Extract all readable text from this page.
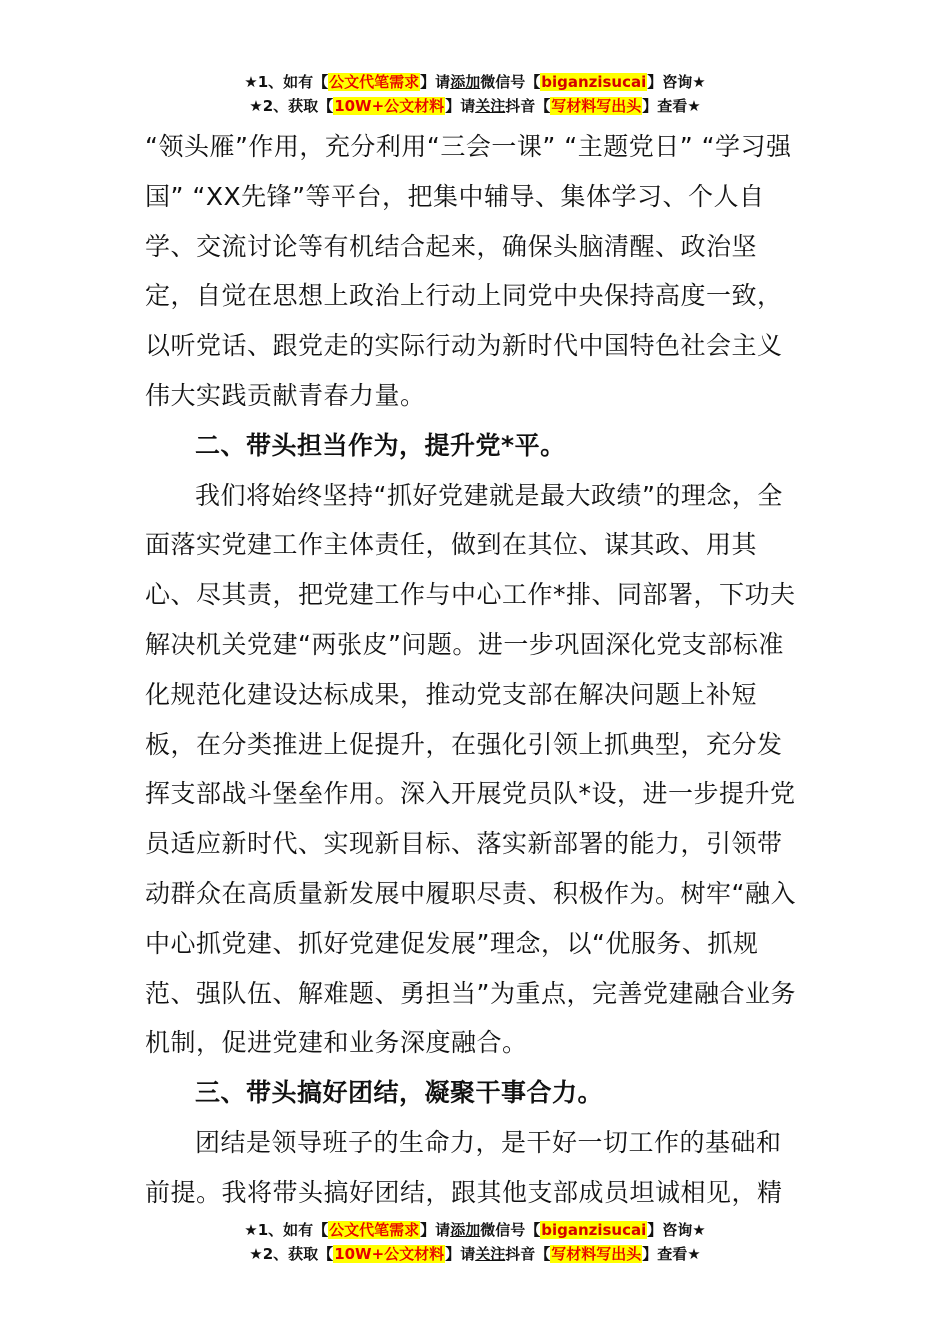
★1、如有【公文代笔需求】请添加微信号【biganzisucai】咨询★
★2、获取【10W+公文材料】请关注抖音【写材料写出头】查看★

“领头雁”作用，充分利用“三会一课” “主题党日” “学习强国” “XX先锋”等平台，把集中辅导、集体学习、个人自学、交流讨论等有机结合起来，确保头脑清醒、政治坚定，自觉在思想上政治上行动上同党中央保持高度一致，以听党话、跟党走的实际行动为新时代中国特色社会主义伟大实践贡献青春力量。

二、带头担当作为，提升党*平。

我们将始终坚持“抓好党建就是最大政绩”的理念，全面落实党建工作主体责任，做到在其位、谋其政、用其心、尽其责，把党建工作与中心工作*排、同部署，下功夫解决机关党建“两张皮”问题。进一步巩固深化党支部标准化规范化建设达标成果，推动党支部在解决问题上补短板，在分类推进上促提升，在强化引领上抓典型，充分发挥支部战斗堡垒作用。深入开展党员队*设，进一步提升党员适应新时代、实现新目标、落实新部署的能力，引领带动群众在高质量新发展中履职尽责、积极作为。树牢“融入中心抓党建、抓好党建促发展”理念，以“优服务、抓规范、强队伍、解难题、勇担当”为重点，完善党建融合业务机制，促进党建和业务深度融合。

三、带头搞好团结，凝聚干事合力。

团结是领导班子的生命力，是干好一切工作的基础和前提。我将带头搞好团结，跟其他支部成员坦诚相见，精

★1、如有【公文代笔需求】请添加微信号【biganzisucai】咨询★
★2、获取【10W+公文材料】请关注抖音【写材料写出头】查看★
